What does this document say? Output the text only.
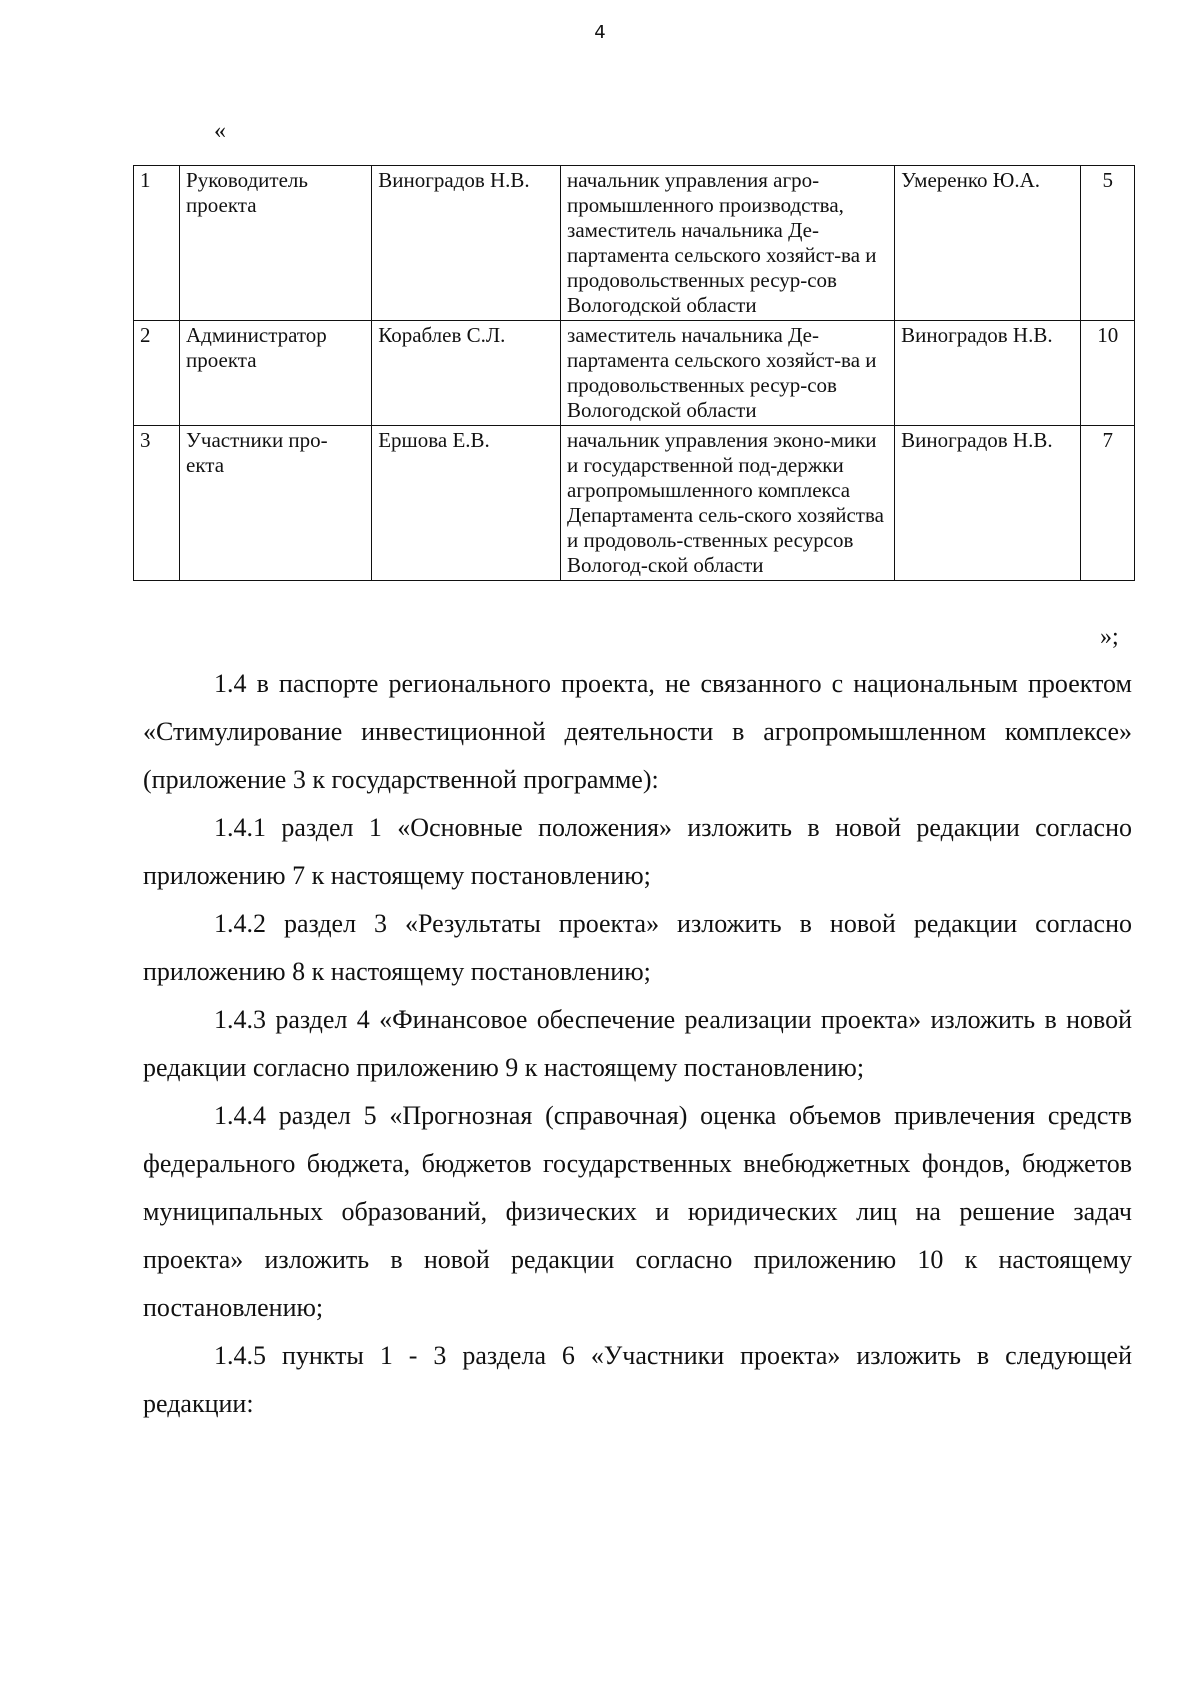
4
«
1	Руководитель проекта	Виноградов Н.В.	начальник управления агро-промышленного производства, заместитель начальника Де-партамента сельского хозяйст-ва и продовольственных ресур-сов Вологодской области	Умеренко Ю.А.	5
2	Администратор проекта	Кораблев С.Л.	заместитель начальника Де-партамента сельского хозяйст-ва и продовольственных ресур-сов Вологодской области	Виноградов Н.В.	10
3	Участники про-екта	Ершова Е.В.	начальник управления эконо-мики и государственной под-держки агропромышленного комплекса Департамента сель-ского хозяйства и продоволь-ственных ресурсов Вологод-ской области	Виноградов Н.В.	7
»;

1.4 в паспорте регионального проекта, не связанного с национальным проектом «Стимулирование инвестиционной деятельности в агропромышленном комплексе» (приложение 3 к государственной программе):

1.4.1 раздел 1 «Основные положения» изложить в новой редакции согласно приложению 7 к настоящему постановлению;

1.4.2 раздел 3 «Результаты проекта» изложить в новой редакции согласно приложению 8 к настоящему постановлению;

1.4.3 раздел 4 «Финансовое обеспечение реализации проекта» изложить в новой редакции согласно приложению 9 к настоящему постановлению;

1.4.4 раздел 5 «Прогнозная (справочная) оценка объемов привлечения средств федерального бюджета, бюджетов государственных внебюджетных фондов, бюджетов муниципальных образований, физических и юридических лиц на решение задач проекта» изложить в новой редакции согласно приложению 10 к настоящему постановлению;

1.4.5 пункты 1 - 3 раздела 6 «Участники проекта» изложить в следующей редакции:
